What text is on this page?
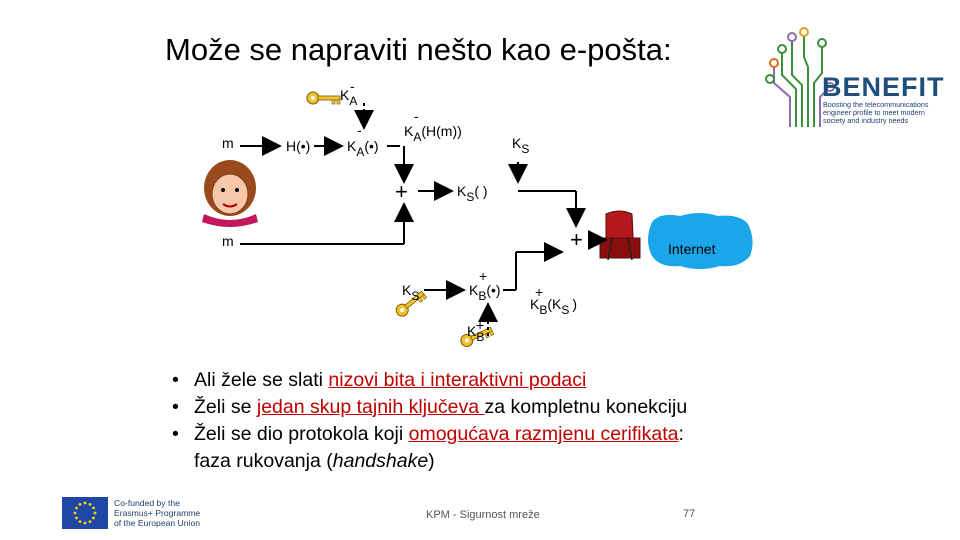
Može se napraviti nešto kao e-pošta:
BENEFIT
Boosting the telecommunications engineer profile to meet modern society and industry needs
KA
-
m	H(•)	KA(•)
-	KA(H(m))
-
KS
+	KS( )
m	+	Internet
KS	KB(•)
+
KB(KS )
+
KB
+
• Ali žele se slati nizovi bita i interaktivni podaci
• Želi se jedan skup tajnih ključeva za kompletnu konekciju
• Želi se dio protokola koji omogućava razmjenu cerifikata:
faza rukovanja (handshake)
Co-funded by the
Erasmus+ Programme
of the European Union
KPM - Sigurnost mreže	77
